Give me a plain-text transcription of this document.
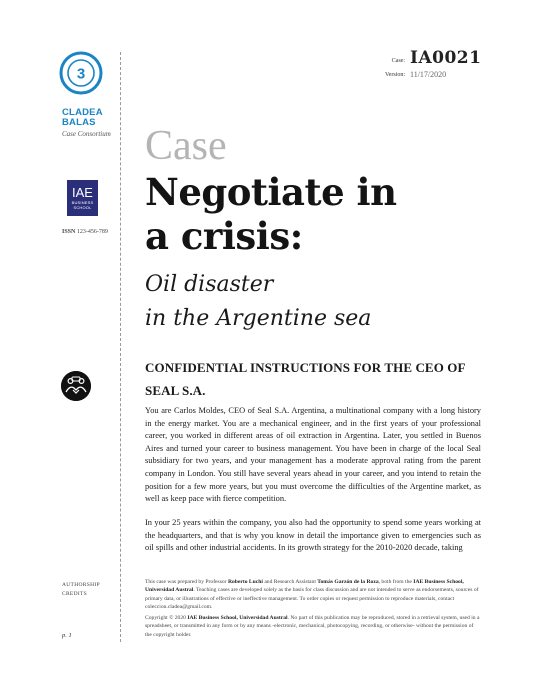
3
CLADEA
BALAS
Case Consortium
IAE
BUSINESS
SCHOOL
ISSN 123-456-789
AUTHORSHIP
CREDITS
p. 1
Case: IA0021
Version: 11/17/2020
Case
Negotiate in
a crisis:
Oil disaster
in the Argentine sea
CONFIDENTIAL INSTRUCTIONS FOR THE CEO OF
SEAL S.A.

You are Carlos Moldes, CEO of Seal S.A. Argentina, a multinational company with a long history in the energy market. You are a mechanical engineer, and in the first years of your professional career, you worked in different areas of oil extraction in Argentina. Later, you settled in Buenos Aires and turned your career to business management. You have been in charge of the local Seal subsidiary for two years, and your management has a moderate approval rating from the parent company in London. You still have several years ahead in your career, and you intend to retain the position for a few more years, but you must overcome the difficulties of the Argentine market, as well as keep pace with fierce competition.

In your 25 years within the company, you also had the opportunity to spend some years working at the headquarters, and that is why you know in detail the importance given to emergencies such as oil spills and other industrial accidents. In its growth strategy for the 2010-2020 decade, taking

This case was prepared by Professor Roberto Luchi and Research Assistant Tomás Garzón de la Roza, both from the IAE Business School, Universidad Austral. Teaching cases are developed solely as the basis for class discussion and are not intended to serve as endorsements, sources of primary data, or illustrations of effective or ineffective management. To order copies or request permission to reproduce materials, contact coleccion.cladea@gmail.com.

Copyright © 2020 IAE Business School, Universidad Austral. No part of this publication may be reproduced, stored in a retrieval system, used in a spreadsheet, or transmitted in any form or by any means -electronic, mechanical, photocopying, recording, or otherwise- without the permission of the copyright holder.
